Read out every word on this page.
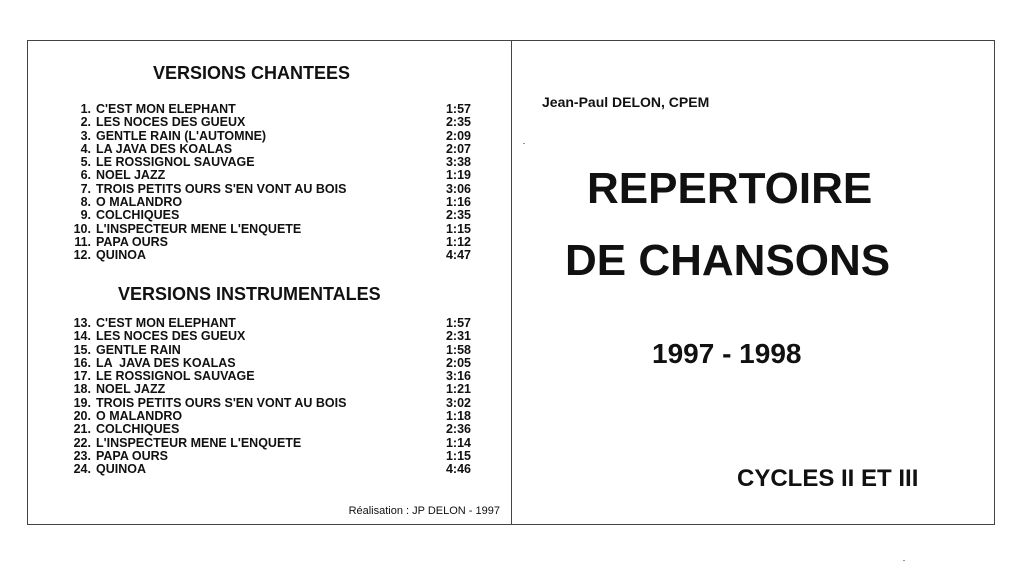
VERSIONS CHANTEES
1. C'EST MON ELEPHANT	1:57
2. LES NOCES DES GUEUX	2:35
3. GENTLE RAIN (L'AUTOMNE)	2:09
4. LA JAVA DES KOALAS	2:07
5. LE ROSSIGNOL SAUVAGE	3:38
6. NOEL JAZZ	1:19
7. TROIS PETITS OURS S'EN VONT AU BOIS	3:06
8. O MALANDRO	1:16
9. COLCHIQUES	2:35
10. L'INSPECTEUR MENE L'ENQUETE	1:15
11. PAPA OURS	1:12
12. QUINOA	4:47
VERSIONS INSTRUMENTALES
13. C'EST MON ELEPHANT	1:57
14. LES NOCES DES GUEUX	2:31
15. GENTLE RAIN	1:58
16. LA  JAVA DES KOALAS	2:05
17. LE ROSSIGNOL SAUVAGE	3:16
18. NOEL JAZZ	1:21
19. TROIS PETITS OURS S'EN VONT AU BOIS	3:02
20. O MALANDRO	1:18
21. COLCHIQUES	2:36
22. L'INSPECTEUR MENE L'ENQUETE	1:14
23. PAPA OURS	1:15
24. QUINOA	4:46
Réalisation : JP DELON - 1997
Jean-Paul DELON, CPEM
REPERTOIRE
DE CHANSONS
1997 - 1998
CYCLES II ET III
